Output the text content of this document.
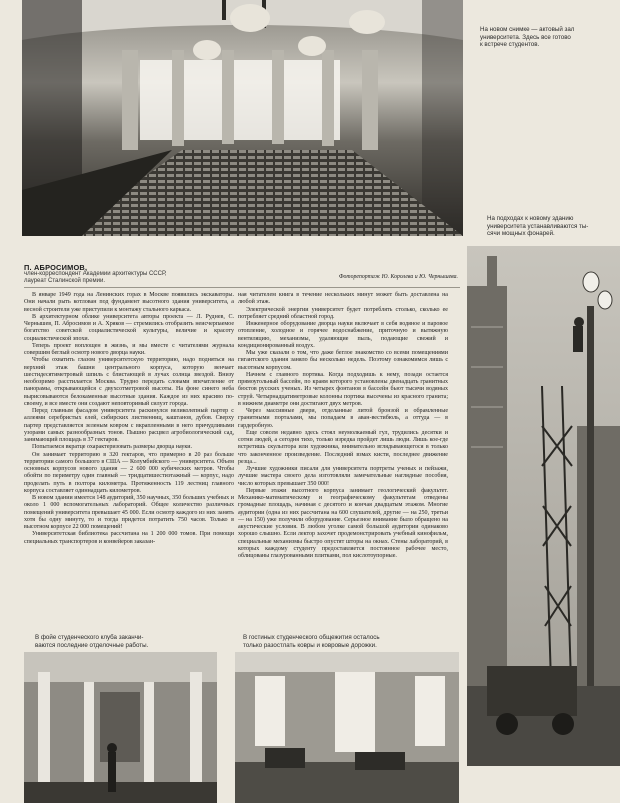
На новом снимке — актовый зал
университета. Здесь все готово
к встрече студентов.
На подходах к новому зданию
университета устанавливаются ты-
сячи мощных фонарей.
П. АБРОСИМОВ,
член-корреспондент Академии архитектуры СССР,
лауреат Сталинской премии.
Фоторепортаж Ю. Королева и Ю. Чернышева.

В январе 1949 года на Ленинских горах в Москве появились экскаваторы. Они начали рыть котлован под фундамент высотного здания университета, а весной строители уже приступили к монтажу стального каркаса.

В архитектурном облике университета авторы проекта — Л. Руднев, С. Чернышев, П. Абросимов и А. Хряков — стремились отобразить неисчерпаемое богатство советской социалистической культуры, величие и красоту социалистической эпохи.

Теперь проект воплощен в жизнь, и мы вместе с читателями журнала совершим беглый осмотр нового дворца науки.

Чтобы охватить глазом университетскую территорию, надо подняться на верхний этаж башни центрального корпуса, которую венчает шестидесятиметровый шпиль с блистающей в лучах солнца звездой. Внизу необозримо расстилается Москва. Трудно передать словами впечатление от панорамы, открывающейся с двухсотметровой высоты. На фоне синего неба вырисовываются белокаменные высотные здания. Каждое из них красиво по-своему, и все вместе они создают неповторимый силуэт города.

Перед главным фасадом университета раскинулся великолепный партер с аллеями серебристых елей, сибирских лиственниц, каштанов, дубов. Сверху партер представляется зеленым ковром с вкрапленными в него причудливыми узорами самых разнообразных тонов. Пышно расцвел агробиологический сад, занимающий площадь в 37 гектаров.

Попытаемся вкратце охарактеризовать размеры дворца науки.

Он занимает территорию в 320 гектаров, что примерно в 20 раз больше территории самого большого в США — Колумбийского — университета. Объем основных корпусов нового здания — 2 600 000 кубических метров. Чтобы обойти по периметру один главный — тридцатишестиэтажный — корпус, надо проделать путь в полтора километра. Протяженность 119 лестниц главного корпуса составляет одиннадцать километров.

В новом здании имеется 148 аудиторий, 350 научных, 350 больших учебных и около 1 000 вспомогательных лабораторий. Общее количество различных помещений университета превышает 45 000. Если осмотр каждого из них занять хотя бы одну минуту, то и тогда придется потратить 750 часов. Только в высотном корпусе 22 000 помещений!

Университетская библиотека рассчитана на 1 200 000 томов. При помощи специальных транспортеров и конвейеров заказан-

ная читателем книга в течение нескольких минут может быть доставлена на любой этаж.

Электрической энергии университет будет потреблять столько, сколько ее потребляет средний областной город.

Инженерное оборудование дворца науки включает в себя водяное и паровое отопление, холодное и горячее водоснабжение, приточную и вытяжную вентиляцию, механизмы, удаляющие пыль, подающие свежий и кондиционированный воздух.

Мы уже сказали о том, что даже беглое знакомство со всеми помещениями гигантского здания заняло бы несколько недель. Поэтому ознакомимся лишь с высотным корпусом.

Начнем с главного портика. Когда подходишь к нему, позади остается прямоугольный бассейн, по краям которого установлены двенадцать гранитных бюстов русских ученых. Из четырех фонтанов в бассейн бьют тысячи водяных струй. Четырнадцатиметровые колонны портика высечены из красного гранита; в нижнем диаметре они достигают двух метров.

Через массивные двери, отделанные литой бронзой и обрамленные гранитными порталами, мы попадаем в аван-вестибюль, а оттуда — в гардеробную.

Еще совсем недавно здесь стоял неумолкаемый гул, трудились десятки и сотни людей, а сегодня тихо, только изредка пройдет лишь люди. Лишь кое-где встретишь скульптора или художника, внимательно вглядывающегося в только что законченное произведение. Последний взмах кисти, последнее движение резца...

Лучшие художники писали для университета портреты ученых и пейзажи, лучшие мастера своего дела изготовляли замечательные наглядные пособия, число которых превышает 350 000!

Первые этажи высотного корпуса занимает геологический факультет. Механико-математическому и географическому факультетам отведены громадные площадь, начиная с десятого и кончая двадцатым этажом. Многие аудитории (одна из них рассчитана на 600 слушателей, другие — на 250, третьи — на 150) уже получили оборудование. Серьезное внимание было обращено на акустические условия. В любом уголке самой большой аудитории одинаково хорошо слышно. Если лектор захочет продемонстрировать учебный кинофильм, специальные механизмы быстро опустят шторы на окнах. Стены лабораторий, в которых каждому студенту предоставляется постоянное рабочее место, облицованы глазурованными плитками, пол кислотоупорные.

В фойе студенческого клуба заканчи-
ваются последние отделочные работы.
В гостиных студенческого общежития осталось
только разостлать ковры и ковровые дорожки.
